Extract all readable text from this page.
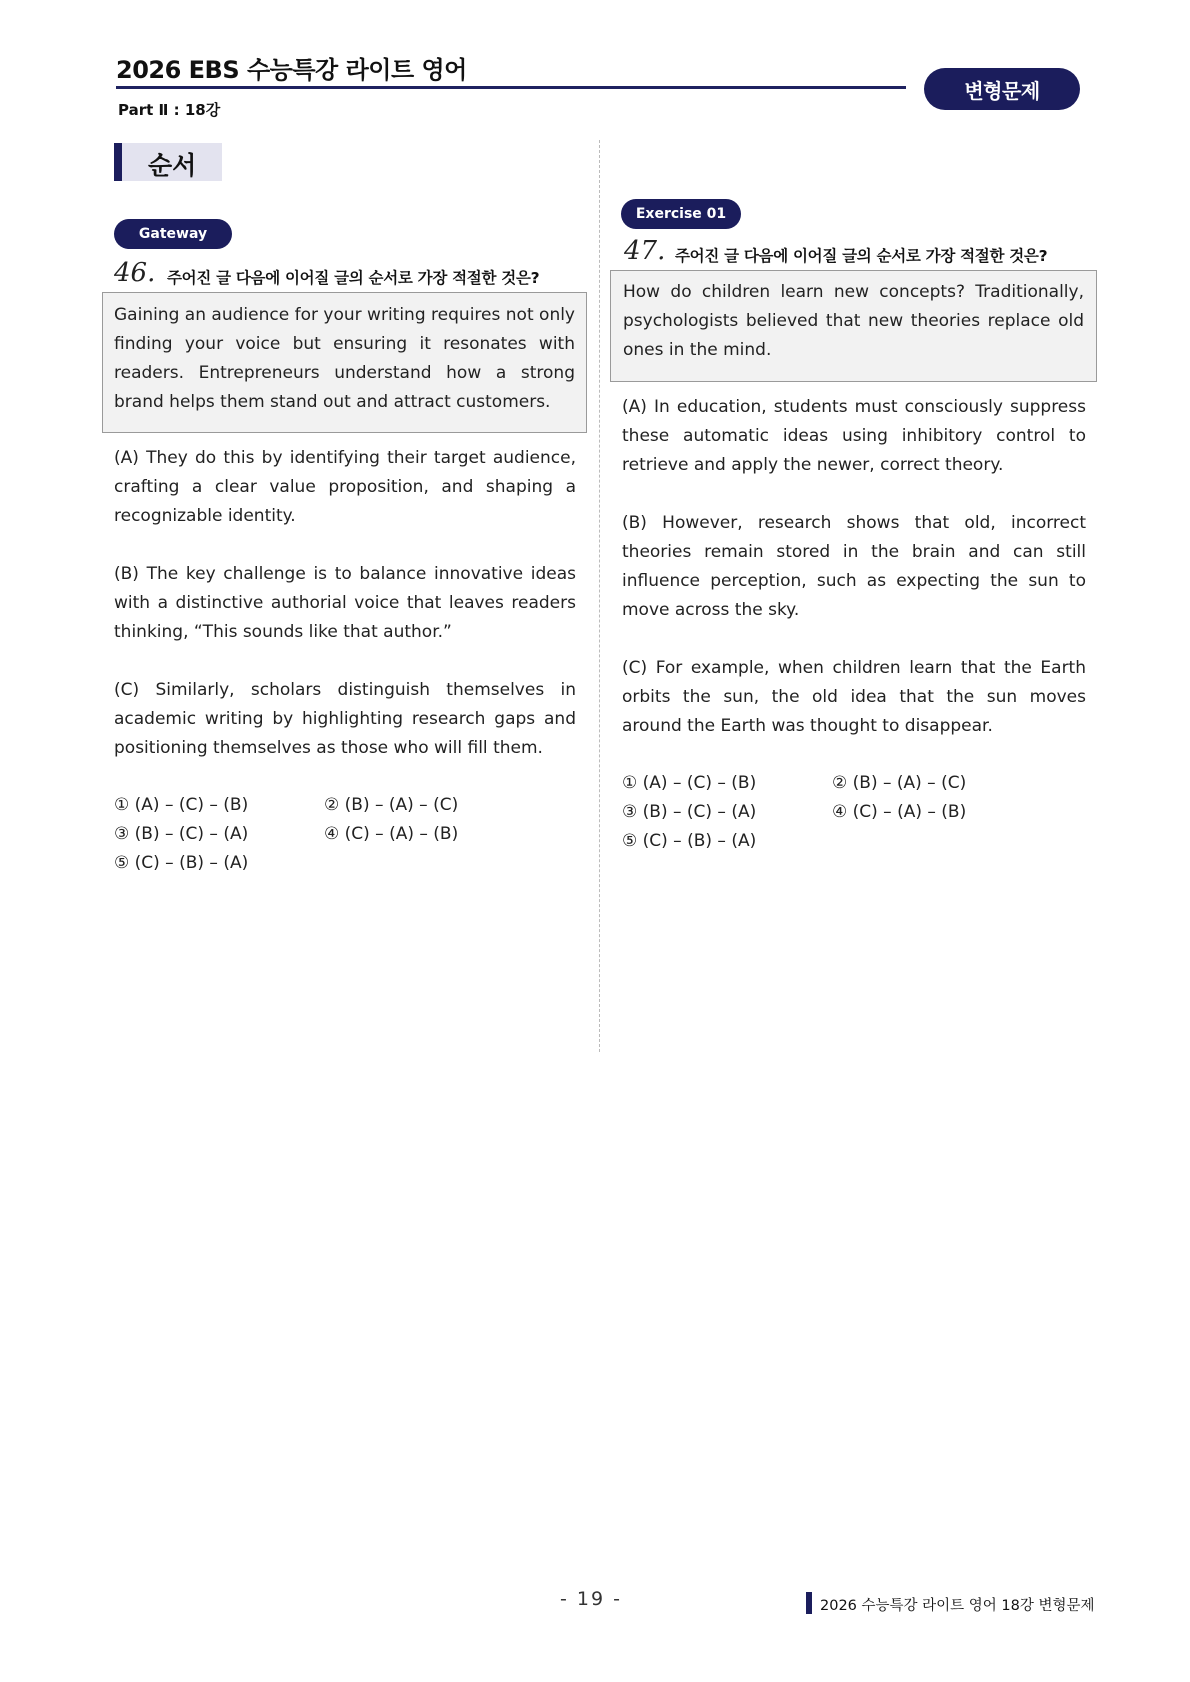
2026 EBS 수능특강 라이트 영어
Part Ⅱ : 18강
변형문제
순서
Gateway
46. 주어진 글 다음에 이어질 글의 순서로 가장 적절한 것은?
Gaining an audience for your writing requires not only finding your voice but ensuring it resonates with readers. Entrepreneurs understand how a strong brand helps them stand out and attract customers.
(A) They do this by identifying their target audience, crafting a clear value proposition, and shaping a recognizable identity.
(B) The key challenge is to balance innovative ideas with a distinctive authorial voice that leaves readers thinking, “This sounds like that author.”
(C) Similarly, scholars distinguish themselves in academic writing by highlighting research gaps and positioning themselves as those who will fill them.
① (A) – (C) – (B)	② (B) – (A) – (C)
③ (B) – (C) – (A)	④ (C) – (A) – (B)
⑤ (C) – (B) – (A)
Exercise 01
47. 주어진 글 다음에 이어질 글의 순서로 가장 적절한 것은?
How do children learn new concepts? Traditionally, psychologists believed that new theories replace old ones in the mind.
(A) In education, students must consciously suppress these automatic ideas using inhibitory control to retrieve and apply the newer, correct theory.
(B) However, research shows that old, incorrect theories remain stored in the brain and can still influence perception, such as expecting the sun to move across the sky.
(C) For example, when children learn that the Earth orbits the sun, the old idea that the sun moves around the Earth was thought to disappear.
① (A) – (C) – (B)	② (B) – (A) – (C)
③ (B) – (C) – (A)	④ (C) – (A) – (B)
⑤ (C) – (B) – (A)
- 19 -	2026 수능특강 라이트 영어 18강 변형문제
